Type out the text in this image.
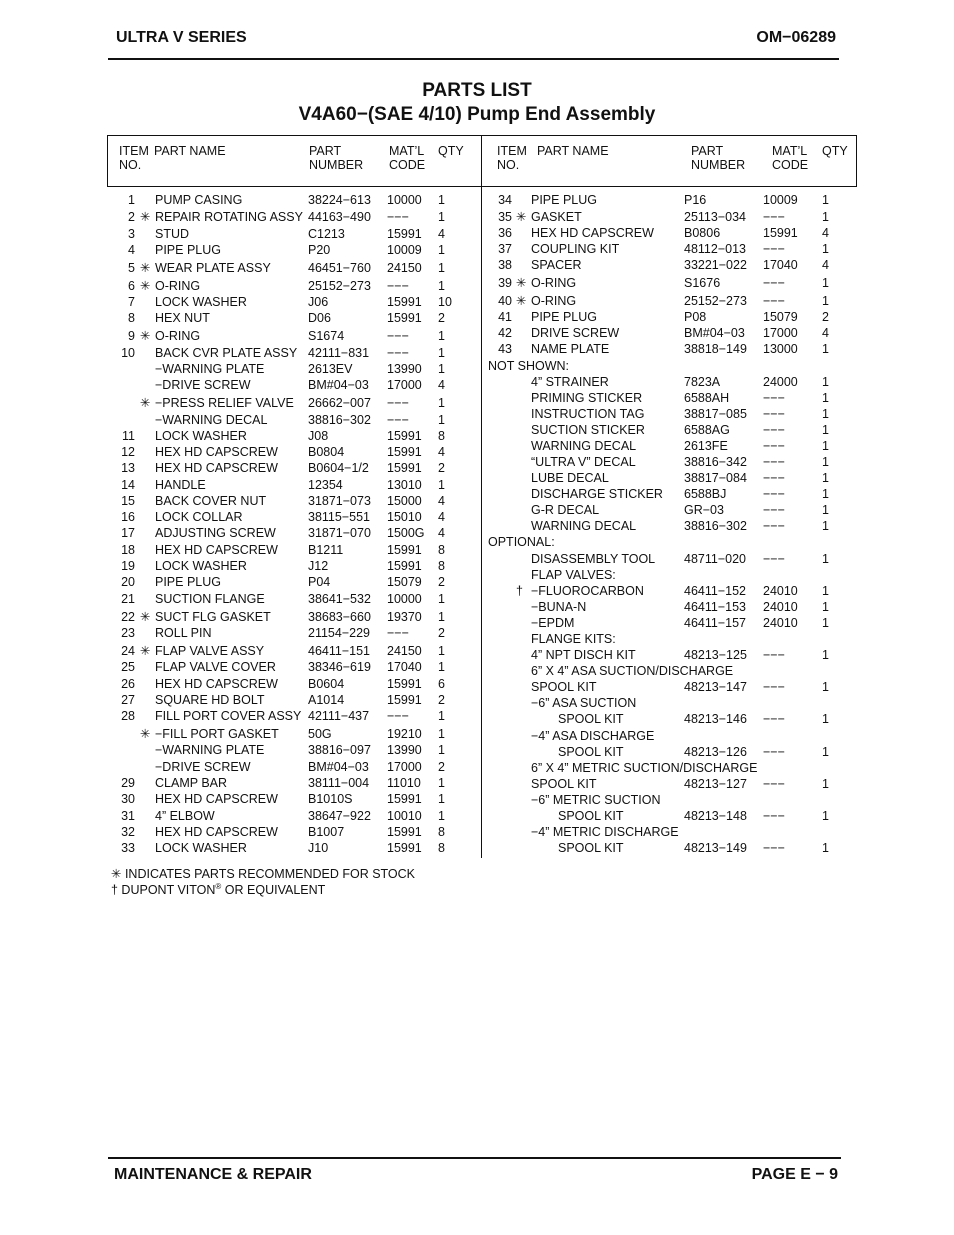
ULTRA V SERIES	OM−06289
PARTS LIST
V4A60−(SAE 4/10) Pump End Assembly
ITEM
NO.
PART NAME	PART
NUMBER
MAT’L
CODE
QTY	ITEM
NO.
PART NAME	PART
NUMBER
MAT’L
CODE
QTY
1 PUMP CASING	38224−613 10000 1
2 ✳ REPAIR ROTATING ASSY 44163−490 −−− 1
3 STUD	C1213	15991 4
4 PIPE PLUG	P20	10009 1
5 ✳ WEAR PLATE ASSY	46451−760 24150 1
6 ✳ O-RING	25152−273 −−− 1
7 LOCK WASHER	J06	15991 10
8 HEX NUT	D06	15991 2
9 ✳ O-RING	S1674	−−− 1
10 BACK CVR PLATE ASSY 42111−831 −−− 1
−WARNING PLATE	2613EV	13990 1
−DRIVE SCREW	BM#04−03 17000 4
✳ −PRESS RELIEF VALVE 26662−007 −−− 1
−WARNING DECAL	38816−302 −−− 1
11 LOCK WASHER	J08	15991 8
12 HEX HD CAPSCREW B0804	15991 4
13 HEX HD CAPSCREW B0604−1/2 15991 2
14 HANDLE	12354	13010 1
15 BACK COVER NUT	31871−073 15000 4
16 LOCK COLLAR	38115−551 15010 4
17 ADJUSTING SCREW	31871−070 1500G 4
18 HEX HD CAPSCREW B1211	15991 8
19 LOCK WASHER	J12	15991 8
20 PIPE PLUG	P04	15079 2
21 SUCTION FLANGE	38641−532 10000 1
22 ✳ SUCT FLG GASKET	38683−660 19370 1
23 ROLL PIN	21154−229 −−− 2
24 ✳ FLAP VALVE ASSY	46411−151 24150 1
25 FLAP VALVE COVER	38346−619 17040 1
26 HEX HD CAPSCREW B0604	15991 6
27 SQUARE HD BOLT	A1014	15991 2
28 FILL PORT COVER ASSY 42111−437 −−− 1
✳ −FILL PORT GASKET 50G	19210 1
−WARNING PLATE	38816−097 13990 1
−DRIVE SCREW	BM#04−03 17000 2
29 CLAMP BAR	38111−004 11010 1
30 HEX HD CAPSCREW B1010S	15991 1
31 4” ELBOW	38647−922 10010 1
32 HEX HD CAPSCREW B1007	15991 8
33 LOCK WASHER	J10	15991 8
34 PIPE PLUG	P16	10009 1
35 ✳ GASKET	25113−034 −−−	1
36 HEX HD CAPSCREW B0806	15991 4
37 COUPLING KIT	48112−013 −−−	1
38 SPACER	33221−022 17040 4
39 ✳ O-RING	S1676	−−−	1
40 ✳ O-RING	25152−273 −−−	1
41 PIPE PLUG	P08	15079 2
42 DRIVE SCREW	BM#04−03 17000 4
43 NAME PLATE	38818−149 13000 1
NOT SHOWN:
4” STRAINER	7823A	24000 1
PRIMING STICKER	6588AH	−−−	1
INSTRUCTION TAG	38817−085 −−−	1
SUCTION STICKER	6588AG	−−−	1
WARNING DECAL	2613FE	−−−	1
“ULTRA V” DECAL	38816−342 −−−	1
LUBE DECAL	38817−084 −−−	1
DISCHARGE STICKER 6588BJ	−−−	1
G-R DECAL	GR−03	−−−	1
WARNING DECAL	38816−302 −−−	1
OPTIONAL:
DISASSEMBLY TOOL 48711−020 −−−	1
FLAP VALVES:
† −FLUOROCARBON	46411−152 24010 1
−BUNA-N	46411−153 24010 1
−EPDM	46411−157 24010 1
FLANGE KITS:
4” NPT DISCH KIT	48213−125 −−−	1
6” X 4” ASA SUCTION/DISCHARGE
SPOOL KIT	48213−147 −−−	1
−6” ASA SUCTION
SPOOL KIT	48213−146 −−−	1
−4” ASA DISCHARGE
SPOOL KIT	48213−126 −−−	1
6” X 4” METRIC SUCTION/DISCHARGE
SPOOL KIT	48213−127 −−−	1
−6” METRIC SUCTION
SPOOL KIT	48213−148 −−−	1
−4” METRIC DISCHARGE
SPOOL KIT	48213−149 −−−	1
✳ INDICATES PARTS RECOMMENDED FOR STOCK
† DUPONT VITON® OR EQUIVALENT
MAINTENANCE & REPAIR	PAGE E − 9
